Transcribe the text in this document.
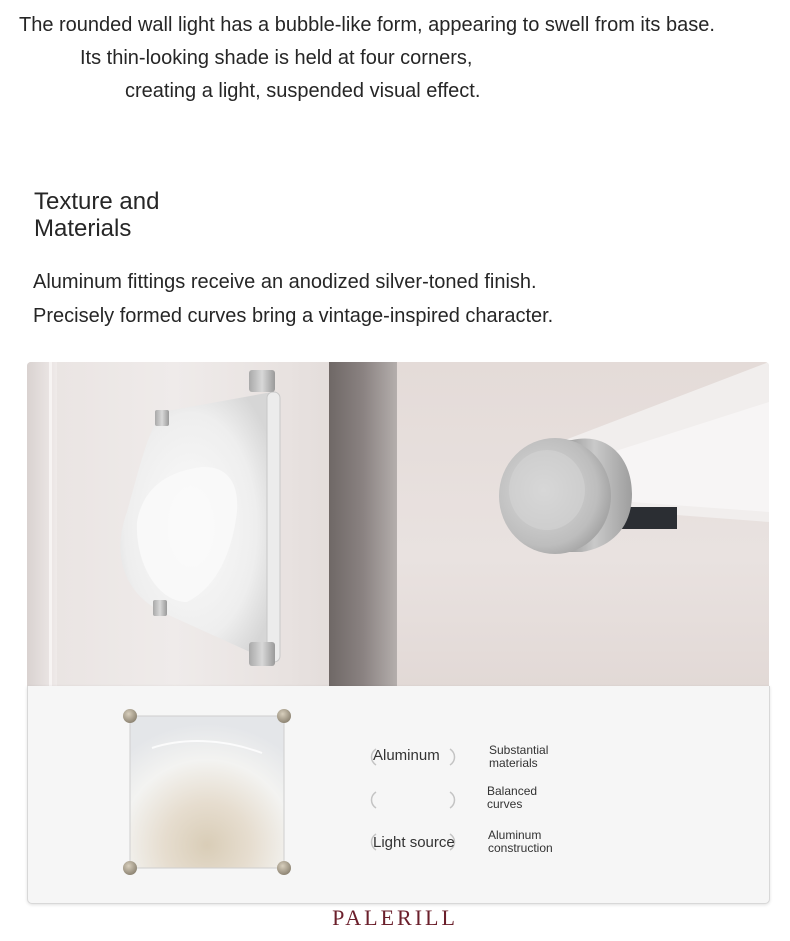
The rounded wall light has a bubble-like form, appearing to swell from its base.
Its thin-looking shade is held at four corners,
creating a light, suspended visual effect.
Texture and
Materials
Aluminum fittings receive an anodized silver-toned finish.
Precisely formed curves bring a vintage-inspired character.
Aluminum
Light source
Substantial
materials
Balanced
curves
Aluminum
construction
PALERILL
